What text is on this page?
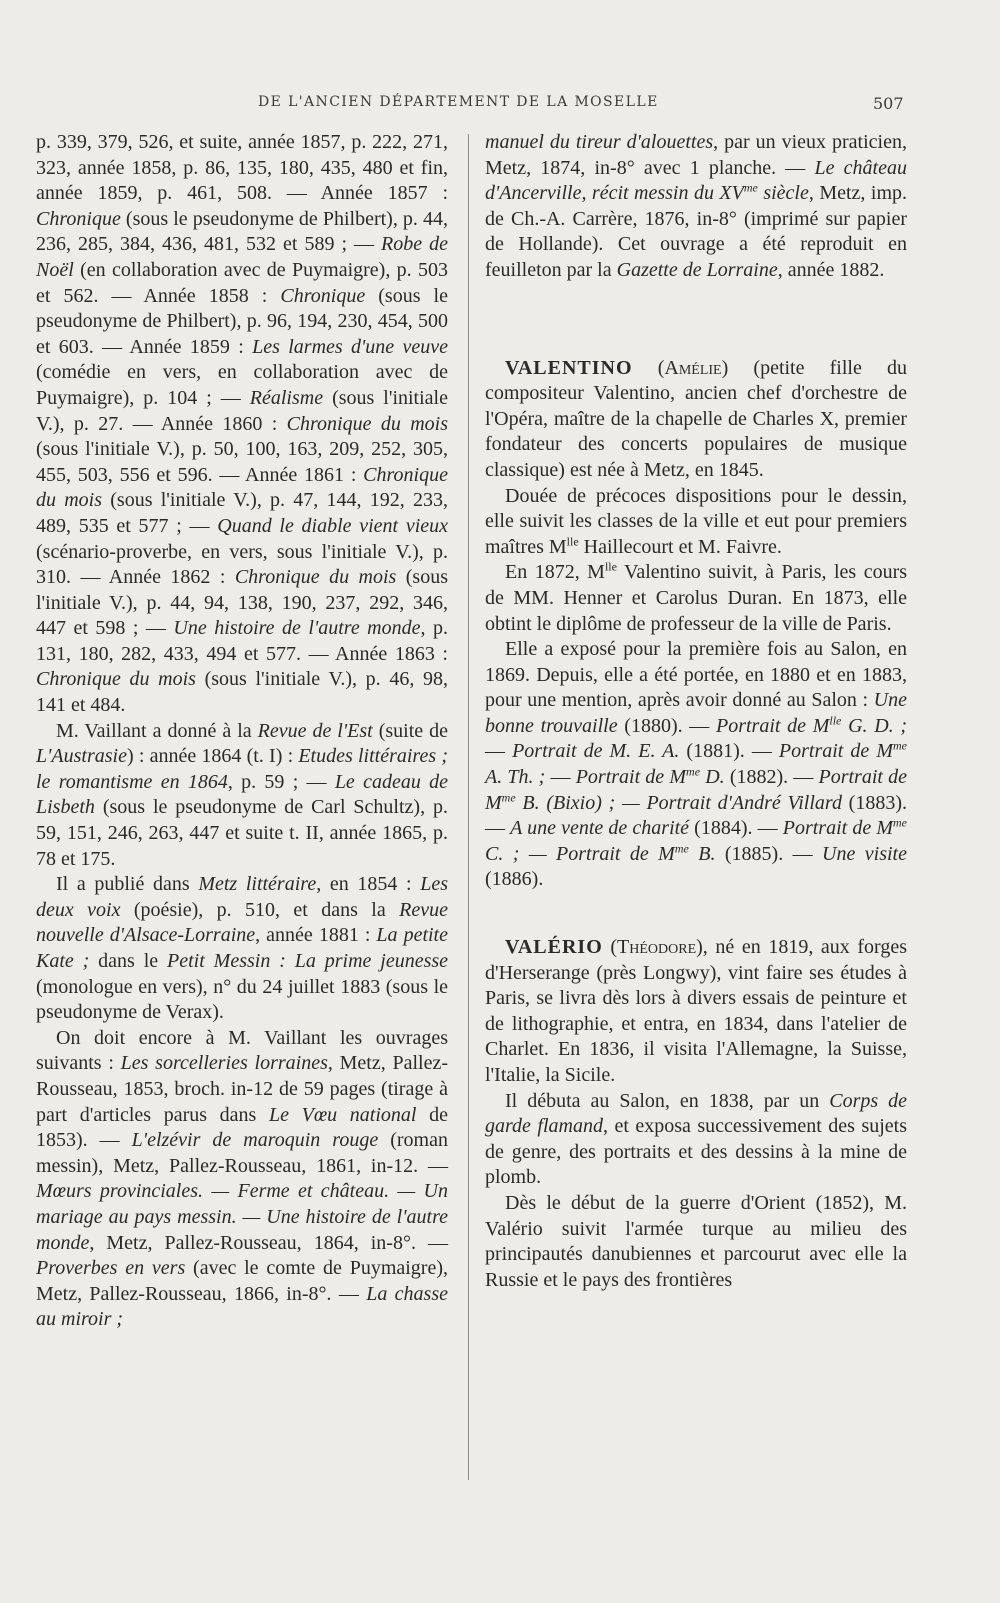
DE L'ANCIEN DÉPARTEMENT DE LA MOSELLE	507

p. 339, 379, 526, et suite, année 1857, p. 222, 271, 323, année 1858, p. 86, 135, 180, 435, 480 et fin, année 1859, p. 461, 508. — Année 1857 : Chronique (sous le pseudonyme de Philbert), p. 44, 236, 285, 384, 436, 481, 532 et 589 ; — Robe de Noël (en collaboration avec de Puymaigre), p. 503 et 562. — Année 1858 : Chronique (sous le pseudonyme de Philbert), p. 96, 194, 230, 454, 500 et 603. — Année 1859 : Les larmes d'une veuve (comédie en vers, en collaboration avec de Puymaigre), p. 104 ; — Réalisme (sous l'initiale V.), p. 27. — Année 1860 : Chronique du mois (sous l'initiale V.), p. 50, 100, 163, 209, 252, 305, 455, 503, 556 et 596. — Année 1861 : Chronique du mois (sous l'initiale V.), p. 47, 144, 192, 233, 489, 535 et 577 ; — Quand le diable vient vieux (scénario-proverbe, en vers, sous l'initiale V.), p. 310. — Année 1862 : Chronique du mois (sous l'initiale V.), p. 44, 94, 138, 190, 237, 292, 346, 447 et 598 ; — Une histoire de l'autre monde, p. 131, 180, 282, 433, 494 et 577. — Année 1863 : Chronique du mois (sous l'initiale V.), p. 46, 98, 141 et 484.

M. Vaillant a donné à la Revue de l'Est (suite de L'Austrasie) : année 1864 (t. I) : Etudes littéraires ; le romantisme en 1864, p. 59 ; — Le cadeau de Lisbeth (sous le pseudonyme de Carl Schultz), p. 59, 151, 246, 263, 447 et suite t. II, année 1865, p. 78 et 175.

Il a publié dans Metz littéraire, en 1854 : Les deux voix (poésie), p. 510, et dans la Revue nouvelle d'Alsace-Lorraine, année 1881 : La petite Kate ; dans le Petit Messin : La prime jeunesse (monologue en vers), n° du 24 juillet 1883 (sous le pseudonyme de Verax).

On doit encore à M. Vaillant les ouvrages suivants : Les sorcelleries lorraines, Metz, Pallez-Rousseau, 1853, broch. in-12 de 59 pages (tirage à part d'articles parus dans Le Vœu national de 1853). — L'elzévir de maroquin rouge (roman messin), Metz, Pallez-Rousseau, 1861, in-12. — Mœurs provinciales. — Ferme et château. — Un mariage au pays messin. — Une histoire de l'autre monde, Metz, Pallez-Rousseau, 1864, in-8°. — Proverbes en vers (avec le comte de Puymaigre), Metz, Pallez-Rousseau, 1866, in-8°. — La chasse au miroir ;

manuel du tireur d'alouettes, par un vieux praticien, Metz, 1874, in-8° avec 1 planche. — Le château d'Ancerville, récit messin du $XV^{me}$ siècle, Metz, imp. de Ch.-A. Carrère, 1876, in-8° (imprimé sur papier de Hollande). Cet ouvrage a été reproduit en feuilleton par la Gazette de Lorraine, année 1882.

VALENTINO (Amélie) (petite fille du compositeur Valentino, ancien chef d'orchestre de l'Opéra, maître de la chapelle de Charles X, premier fondateur des concerts populaires de musique classique) est née à Metz, en 1845.

Douée de précoces dispositions pour le dessin, elle suivit les classes de la ville et eut pour premiers maîtres $M^{lle}$ Haillecourt et M. Faivre.

En 1872, $M^{lle}$ Valentino suivit, à Paris, les cours de MM. Henner et Carolus Duran. En 1873, elle obtint le diplôme de professeur de la ville de Paris.

Elle a exposé pour la première fois au Salon, en 1869. Depuis, elle a été portée, en 1880 et en 1883, pour une mention, après avoir donné au Salon : Une bonne trouvaille (1880). — Portrait de $M^{lle}$ G. D. ; — Portrait de M. E. A. (1881). — Portrait de $M^{me}$ A. Th. ; — Portrait de $M^{me}$ D. (1882). — Portrait de $M^{me}$ B. (Bixio) ; — Portrait d'André Villard (1883). — A une vente de charité (1884). — Portrait de $M^{me}$ C. ; — Portrait de $M^{me}$ B. (1885). — Une visite (1886).

VALÉRIO (Théodore), né en 1819, aux forges d'Herserange (près Longwy), vint faire ses études à Paris, se livra dès lors à divers essais de peinture et de lithographie, et entra, en 1834, dans l'atelier de Charlet. En 1836, il visita l'Allemagne, la Suisse, l'Italie, la Sicile.

Il débuta au Salon, en 1838, par un Corps de garde flamand, et exposa successivement des sujets de genre, des portraits et des dessins à la mine de plomb.

Dès le début de la guerre d'Orient (1852), M. Valério suivit l'armée turque au milieu des principautés danubiennes et parcourut avec elle la Russie et le pays des frontières
